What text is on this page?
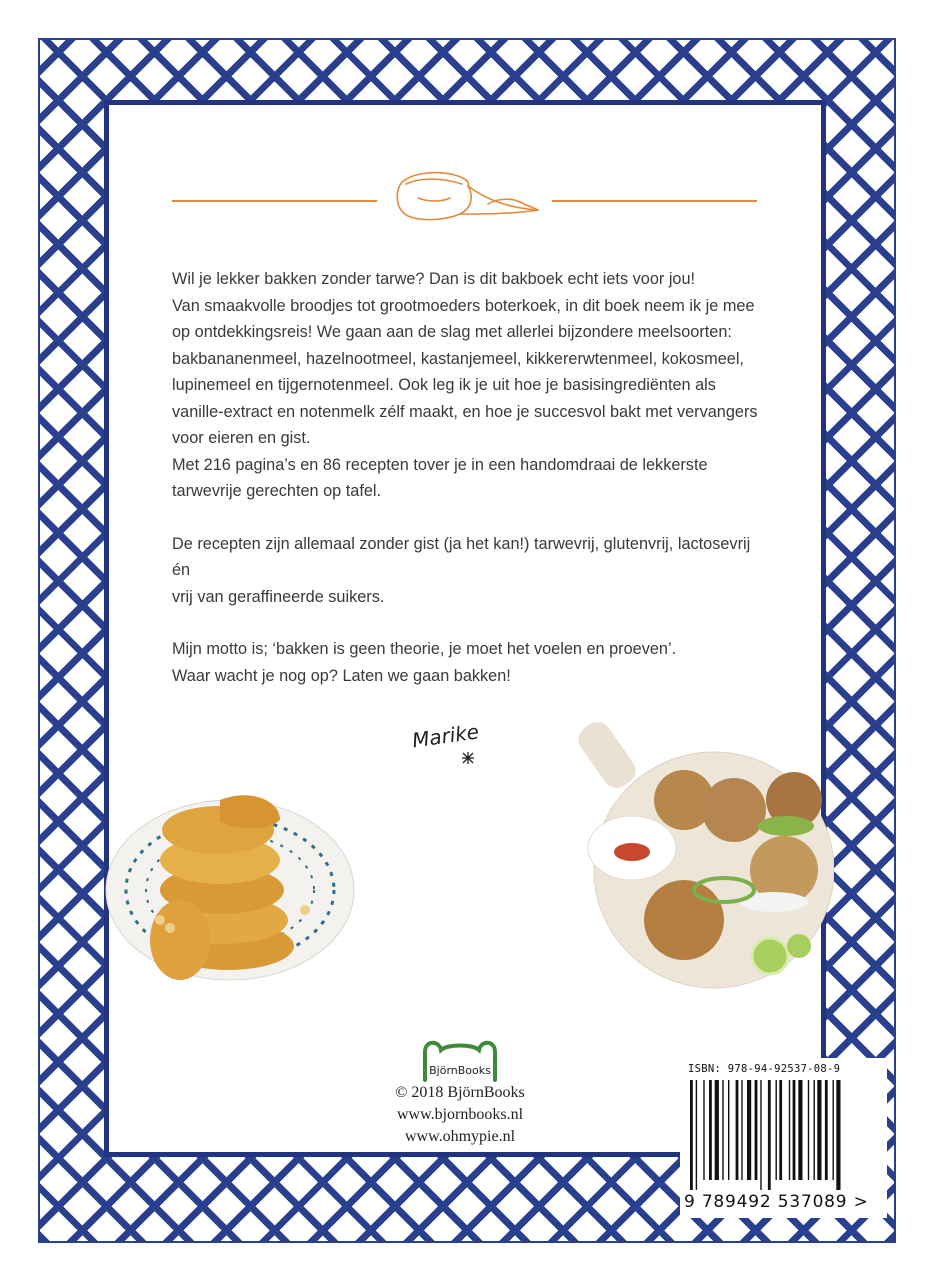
Wil je lekker bakken zonder tarwe? Dan is dit bakboek echt iets voor jou!

Van smaakvolle broodjes tot grootmoeders boterkoek, in dit boek neem ik je mee

op ontdekkingsreis! We gaan aan de slag met allerlei bijzondere meelsoorten:

bakbananenmeel, hazelnootmeel, kastanjemeel, kikkererwtenmeel, kokosmeel,

lupinemeel en tijgernotenmeel. Ook leg ik je uit hoe je basisingrediënten als

vanille-extract en notenmelk zélf maakt, en hoe je succesvol bakt met vervangers

voor eieren en gist.

Met 216 pagina’s en 86 recepten tover je in een handomdraai de lekkerste

tarwevrije gerechten op tafel.

De recepten zijn allemaal zonder gist (ja het kan!) tarwevrij, glutenvrij, lactosevrij én

vrij van geraffineerde suikers.

Mijn motto is; ‘bakken is geen theorie, je moet het voelen en proeven’.

Waar wacht je nog op? Laten we gaan bakken!

Marike
BjörnBooks
© 2018 BjörnBooks
www.bjornbooks.nl
www.ohmypie.nl
ISBN: 978-94-92537-08-9
9 789492 537089 >
